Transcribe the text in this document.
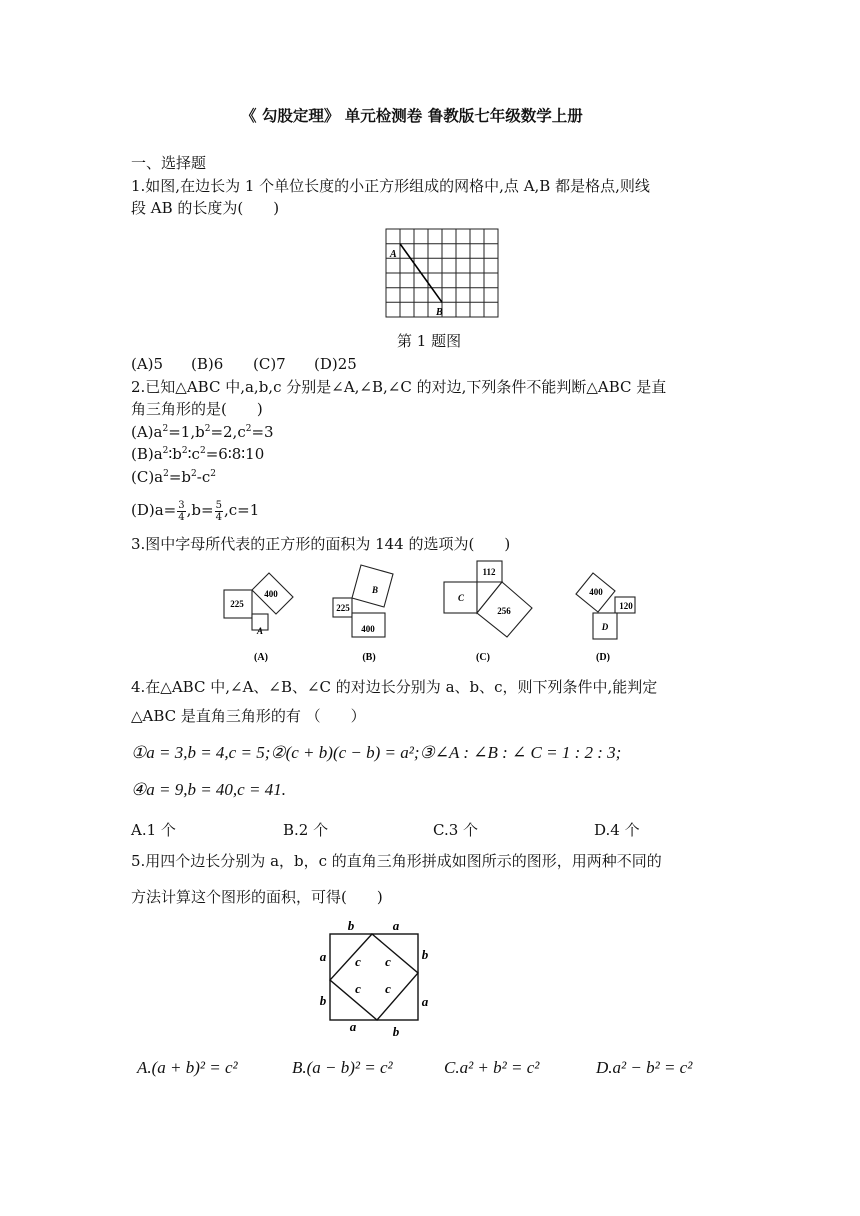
《 勾股定理》 单元检测卷 鲁教版七年级数学上册
一、选择题
1.如图,在边长为 1 个单位长度的小正方形组成的网格中,点 A,B 都是格点,则线
段 AB 的长度为(　　)
A
B
第 1 题图
(A)5 (B)6 (C)7 (D)25
2.已知△ABC 中,a,b,c 分别是∠A,∠B,∠C 的对边,下列条件不能判断△ABC 是直
角三角形的是(　　)
$(A)a^2=1,b^2=2,c^2=3$
$(B)a^2∶b^2∶c^2=6∶8∶10$
$(C)a^2=b^2-c^2$
$(D)a= \frac{3}{4} ,b= \frac{5}{4} ,c=1$
3.图中字母所代表的正方形的面积为 144 的选项为(　　)
225
400
A
225
B
400
112
C
256
400
120
D
(A)	(B)	(C)	(D)
4.在△ABC 中,∠A、∠B、∠C 的对边长分别为 a、b、c，则下列条件中,能判定
△ABC 是直角三角形的有 （　　）
①a = 3,b = 4,c = 5;②(c + b)(c − b) = a²;③∠A : ∠B : ∠ C = 1 : 2 : 3;
④a = 9,b = 40,c = 41.
A.1 个	B.2 个	C.3 个	D.4 个
5.用四个边长分别为 a，b，c 的直角三角形拼成如图所示的图形，用两种不同的
方法计算这个图形的面积，可得(　　)
b	a
a
b
b
a
a	b
c c
c c
A.(a + b)² = c²	B.(a − b)² = c²	C.a² + b² = c²	D.a² − b² = c²
